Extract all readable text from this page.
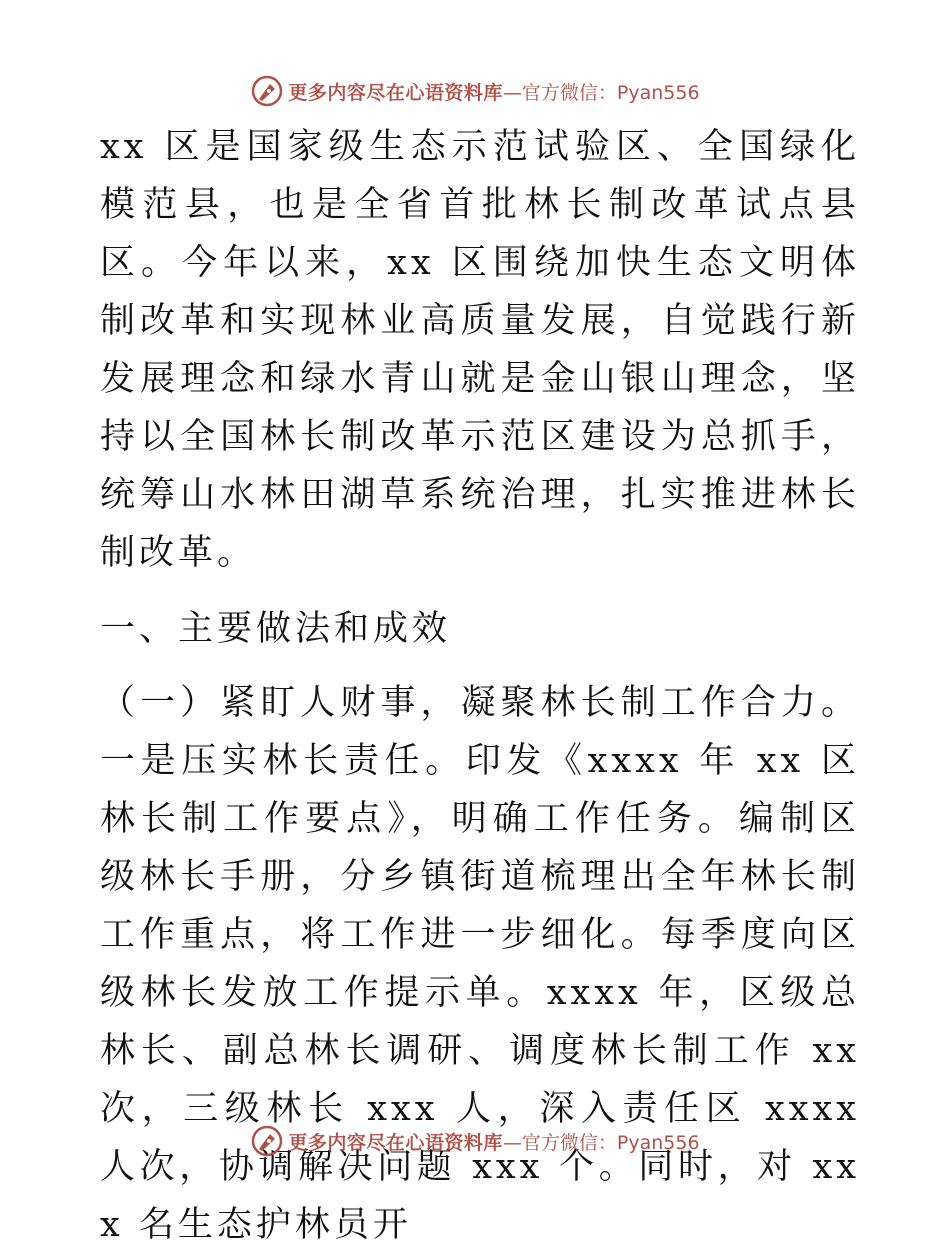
更多内容尽在心语资料库 —官方微信：Pyan556

xx 区是国家级生态示范试验区、全国绿化模范县，也是全省首批林长制改革试点县区。今年以来，xx 区围绕加快生态文明体制改革和实现林业高质量发展，自觉践行新发展理念和绿水青山就是金山银山理念，坚持以全国林长制改革示范区建设为总抓手，统筹山水林田湖草系统治理，扎实推进林长制改革。

一、主要做法和成效

（一）紧盯人财事，凝聚林长制工作合力。一是压实林长责任。印发《xxxx 年 xx 区林长制工作要点》，明确工作任务。编制区级林长手册，分乡镇街道梳理出全年林长制工作重点，将工作进一步细化。每季度向区级林长发放工作提示单。xxxx 年，区级总林长、副总林长调研、调度林长制工作 xx 次，三级林长 xxx 人，深入责任区 xxxx 人次，协调解决问题 xxx 个。同时，对 xxx 名生态护林员开

更多内容尽在心语资料库 —官方微信：Pyan556
